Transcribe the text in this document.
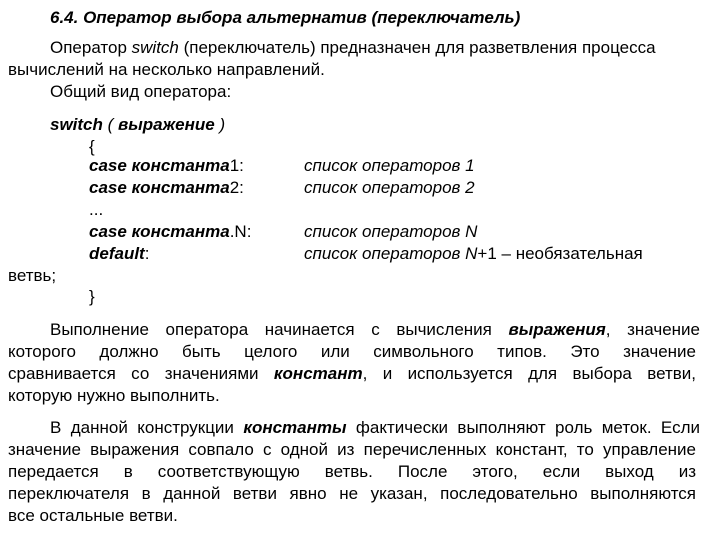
6.4. Оператор выбора альтернатив (переключатель)
Оператор switch (переключатель) предназначен для разветвления процесса
вычислений на несколько направлений.
Общий вид оператора:
switch ( выражение )
{
case константа1:	список операторов 1
case константа2:	список операторов 2
...
case константа.N:	список операторов N
default:	список операторов N+1 – необязательная
ветвь;
}
Выполнение оператора начинается с вычисления выражения, значение
которого должно быть целого или символьного типов. Это значение
сравнивается со значениями констант, и используется для выбора ветви,
которую нужно выполнить.
В данной конструкции константы фактически выполняют роль меток. Если
значение выражения совпало с одной из перечисленных констант, то управление
передается в соответствующую ветвь. После этого, если выход из
переключателя в данной ветви явно не указан, последовательно выполняются
все остальные ветви.
